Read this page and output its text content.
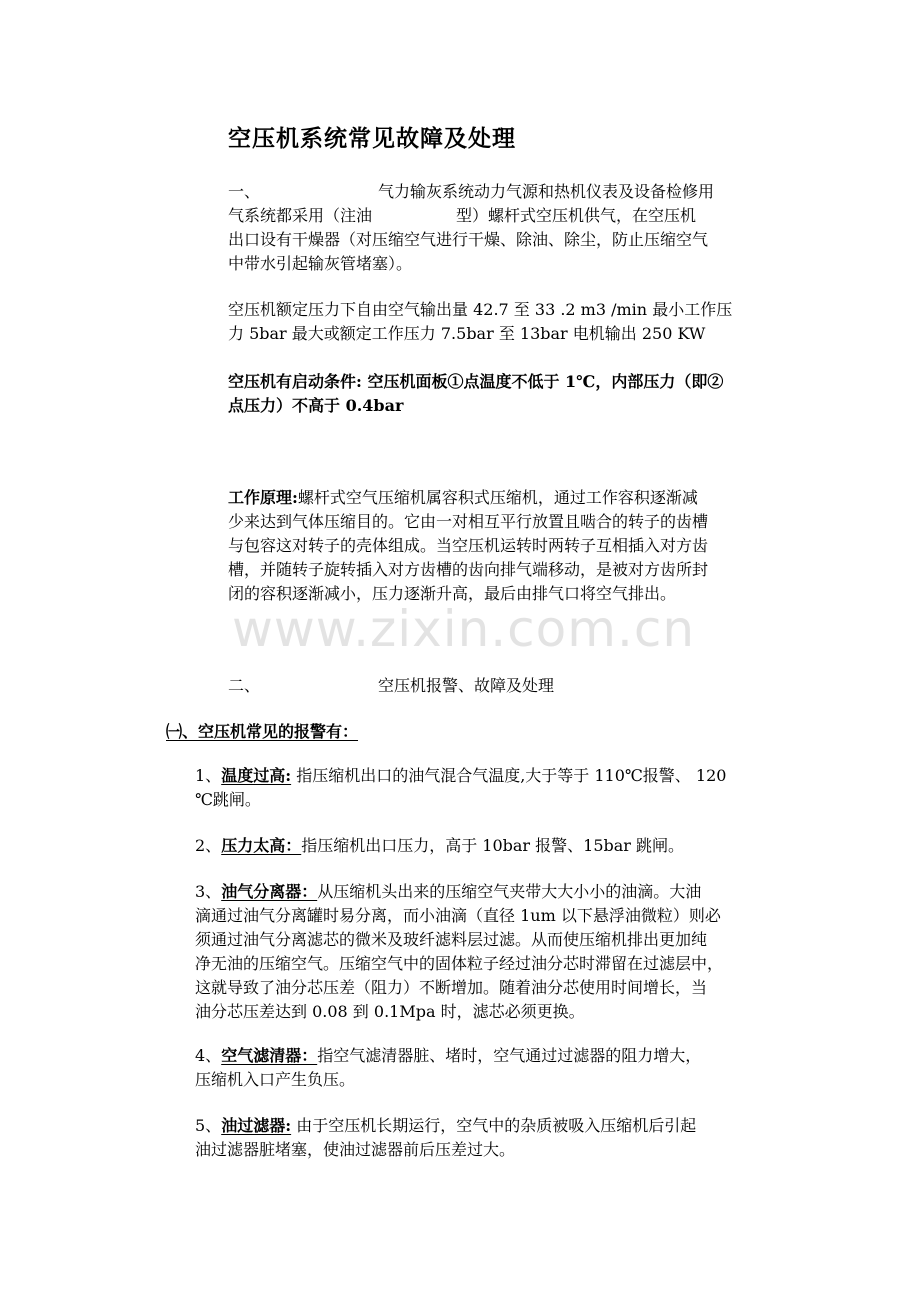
空压机系统常见故障及处理
一、	气力输灰系统动力气源和热机仪表及设备检修用
气系统都采用（注油	型）螺杆式空压机供气，在空压机
出口设有干燥器（对压缩空气进行干燥、除油、除尘，防止压缩空气
中带水引起输灰管堵塞）。
空压机额定压力下自由空气输出量 42.7 至 33 .2 m3 /min 最小工作压
力 5bar 最大或额定工作压力 7.5bar 至 13bar 电机输出 250 KW
空压机有启动条件: 空压机面板①点温度不低于 1℃，内部压力（即②
点压力）不高于 0.4bar
工作原理:螺杆式空气压缩机属容积式压缩机，通过工作容积逐渐减
少来达到气体压缩目的。它由一对相互平行放置且啮合的转子的齿槽
与包容这对转子的壳体组成。当空压机运转时两转子互相插入对方齿
槽，并随转子旋转插入对方齿槽的齿向排气端移动，是被对方齿所封
闭的容积逐渐减小，压力逐渐升高，最后由排气口将空气排出。
www.zixin.com.cn
二、	空压机报警、故障及处理
㈠、空压机常见的报警有：
1、温度过高: 指压缩机出口的油气混合气温度,大于等于 110℃报警、 120
℃跳闸。
2、压力太高：指压缩机出口压力，高于 10bar 报警、15bar 跳闸。
3、油气分离器：从压缩机头出来的压缩空气夹带大大小小的油滴。大油
滴通过油气分离罐时易分离，而小油滴（直径 1um 以下悬浮油微粒）则必
须通过油气分离滤芯的微米及玻纤滤料层过滤。从而使压缩机排出更加纯
净无油的压缩空气。压缩空气中的固体粒子经过油分芯时滞留在过滤层中，
这就导致了油分芯压差（阻力）不断增加。随着油分芯使用时间增长，当
油分芯压差达到 0.08 到 0.1Mpa 时，滤芯必须更换。
4、空气滤清器：指空气滤清器脏、堵时，空气通过过滤器的阻力增大，
压缩机入口产生负压。
5、油过滤器: 由于空压机长期运行，空气中的杂质被吸入压缩机后引起
油过滤器脏堵塞，使油过滤器前后压差过大。
